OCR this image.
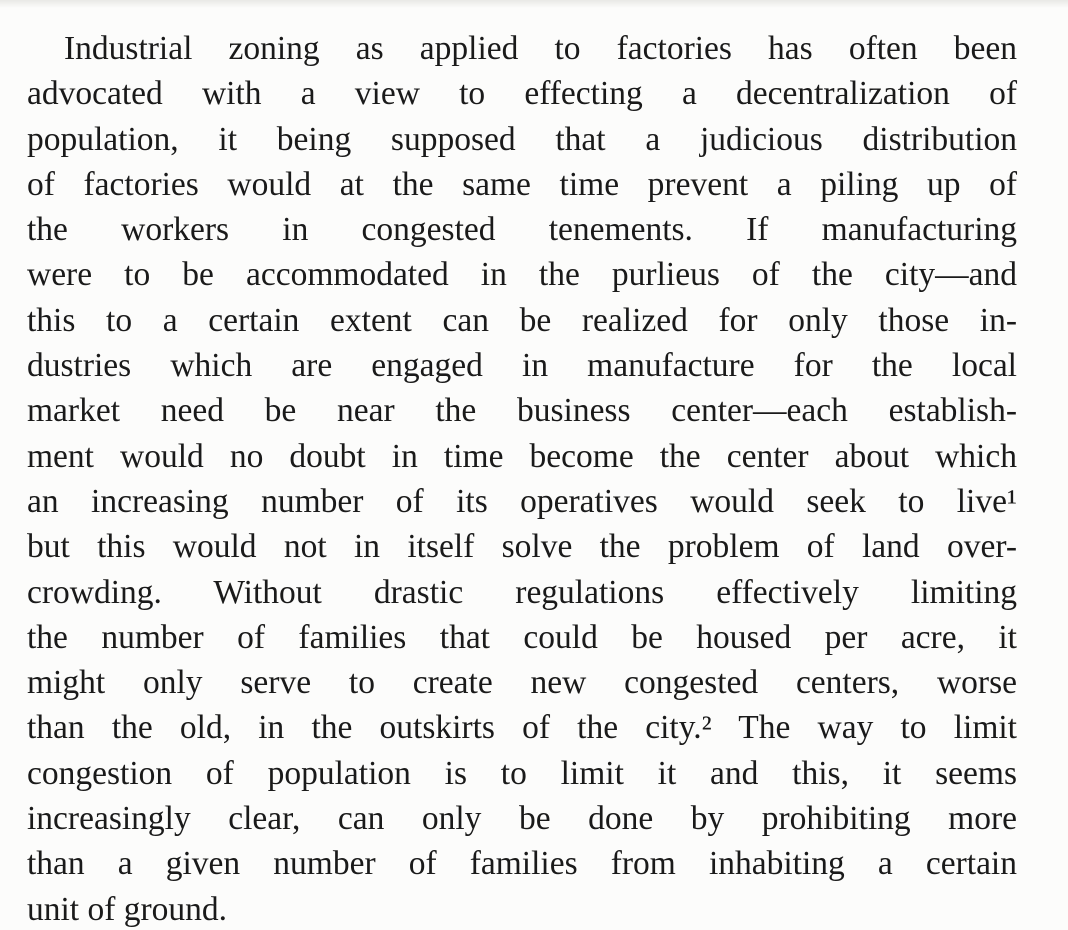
Industrial zoning as applied to factories has often been
advocated with a view to effecting a decentralization of
population, it being supposed that a judicious distribution
of factories would at the same time prevent a piling up of
the workers in congested tenements. If manufacturing
were to be accommodated in the purlieus of the city—and
this to a certain extent can be realized for only those in-
dustries which are engaged in manufacture for the local
market need be near the business center—each establish-
ment would no doubt in time become the center about which
an increasing number of its operatives would seek to live¹
but this would not in itself solve the problem of land over-
crowding. Without drastic regulations effectively limiting
the number of families that could be housed per acre, it
might only serve to create new congested centers, worse
than the old, in the outskirts of the city.² The way to limit
congestion of population is to limit it and this, it seems
increasingly clear, can only be done by prohibiting more
than a given number of families from inhabiting a certain
unit of ground.
